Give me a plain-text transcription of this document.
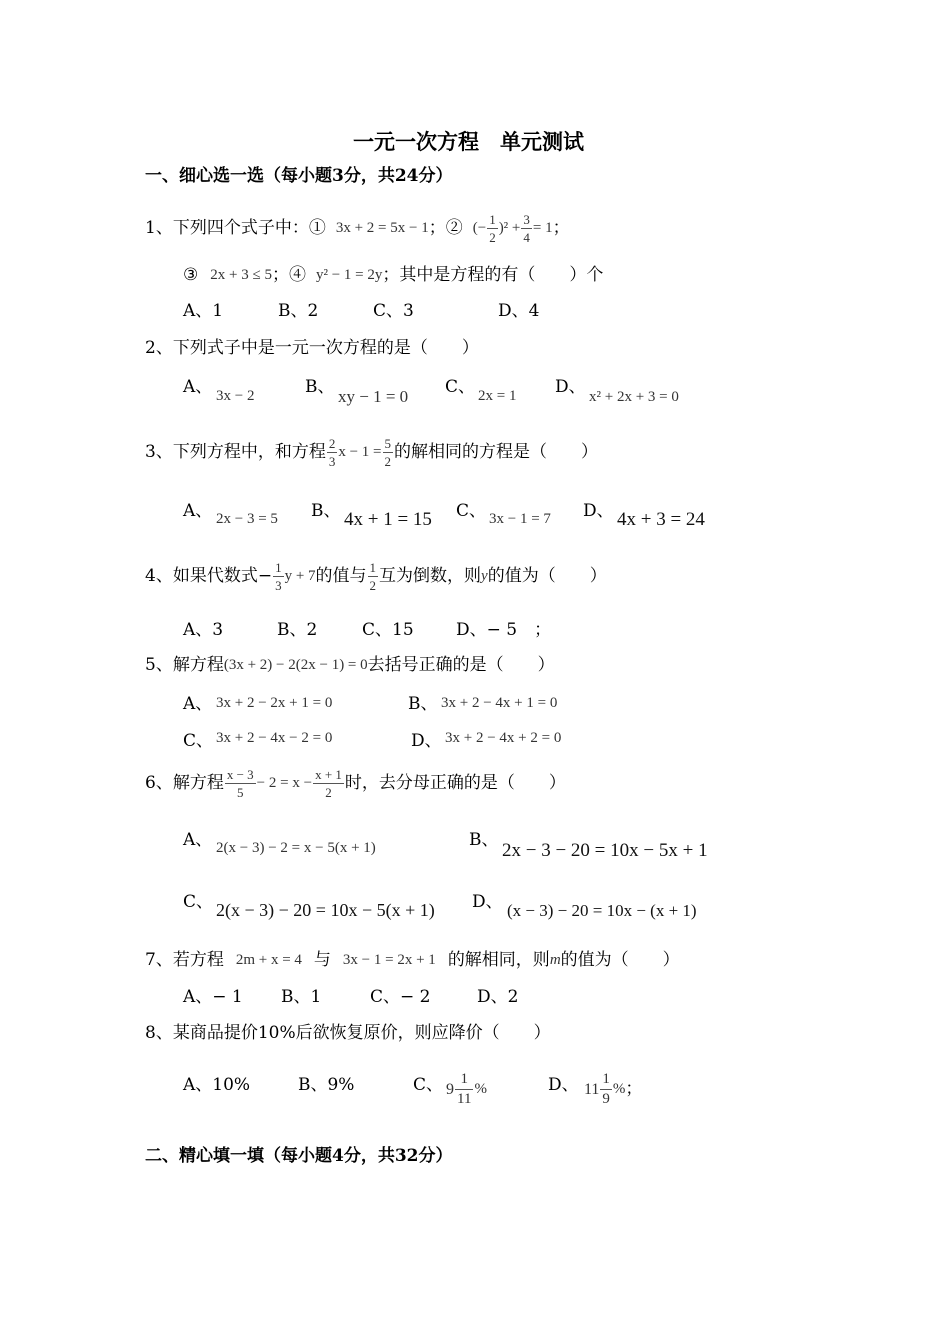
一元一次方程　单元测试
一、细心选一选（每小题3分，共24分）
1、下列四个式子中：① 3x + 2 = 5x − 1 ；② (− $\frac{1}{2} )^2 + \frac{3}{4} = 1$ ；
③ 2x + 3 ≤ 5 ；④ y² − 1 = 2y ；其中是方程的有（　　）个
A、1	B、2	C、3	D、4
2、下列式子中是一元一次方程的是（　　）
A、 3x − 2	B、 xy − 1 = 0 C、 2x = 1 D、 x² + 2x + 3 = 0
3、下列方程中，和方程 $\frac{2}{3}$ $x - 1 = \frac{5}{2}$ 的解相同的方程是（　　）
A、 2x − 3 = 5 B、 4x + 1 = 15 C、 3x − 1 = 7 D、 4x + 3 = 24
4、如果代数式− $\frac{1}{3}$ y + 7 的值与 $\frac{1}{2}$ 互为倒数，则 y 的值为（　　）
A、3	B、2	C、15 D、− 5　；
5、解方程 (3x + 2) − 2(2x − 1) = 0 去括号正确的是（　　）
A、 3x + 2 − 2x + 1 = 0	B、 3x + 2 − 4x + 1 = 0
C、 3x + 2 − 4x − 2 = 0	D、 3x + 2 − 4x + 2 = 0
6、解方程 $\frac{x - 3}{5} - 2 = x - \frac{x + 1}{2}$ 时，去分母正确的是（　　）
A、 2(x − 3) − 2 = x − 5(x + 1)	B、 2x − 3 − 20 = 10x − 5x + 1
C、 2(x − 3) − 20 = 10x − 5(x + 1) D、 (x − 3) − 20 = 10x − (x + 1)
7、若方程 2m + x = 4 与 3x − 1 = 2x + 1 的解相同，则 m 的值为（　　）
A、− 1 B、1	C、− 2	D、2
8、某商品提价10%后欲恢复原价，则应降价（　　）
A、10%	B、9%	C、 $9 \frac{1}{11}$ %	D、 $11 \frac{1}{9}$ % ；
二、精心填一填（每小题4分，共32分）
